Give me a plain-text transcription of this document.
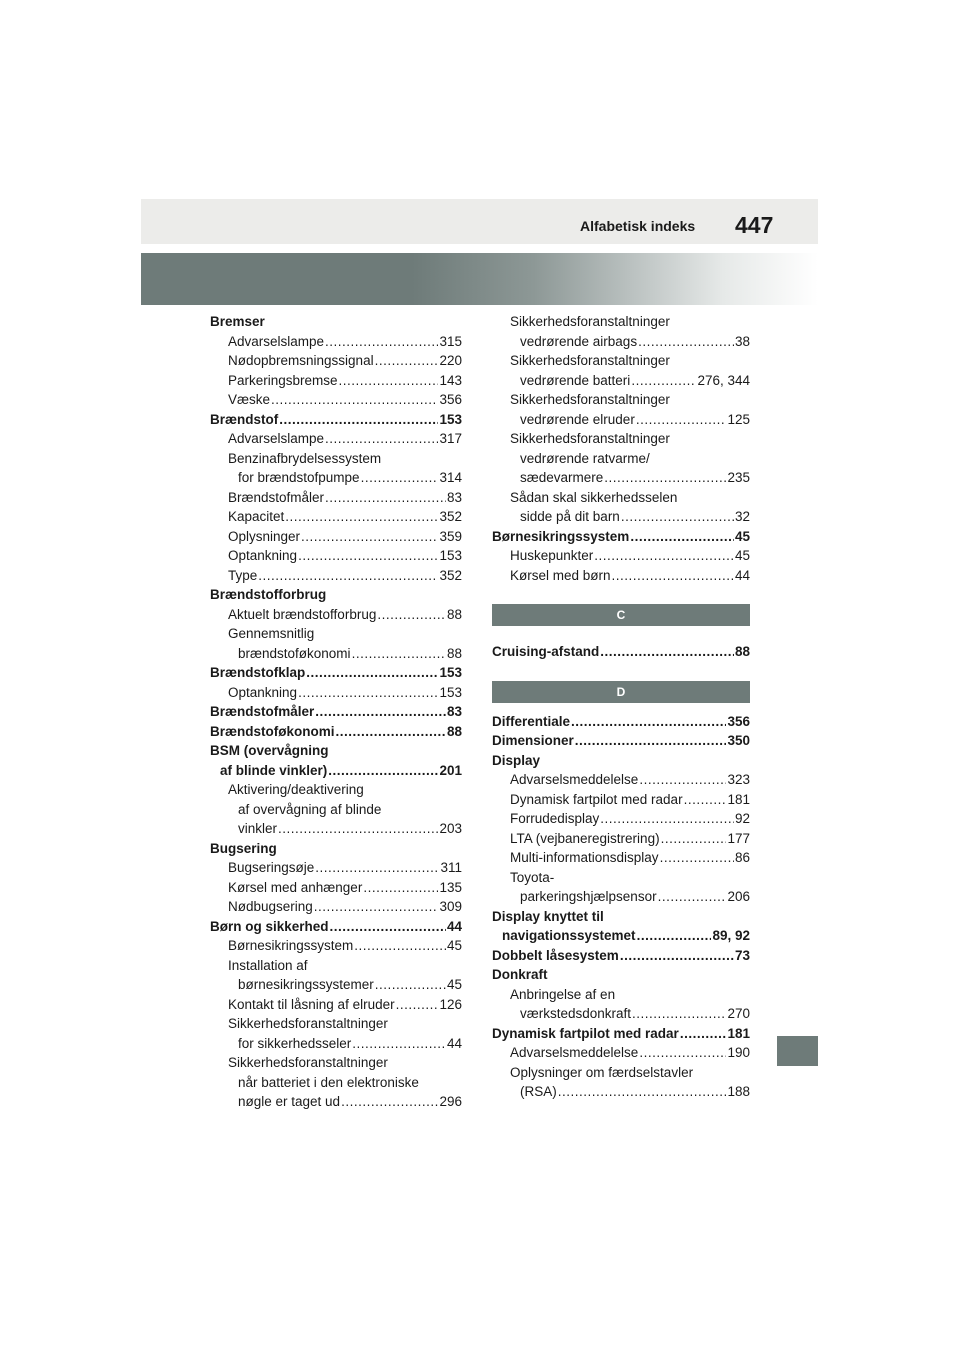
Alfabetisk indeks 447
Bremser
Advarselslampe .....	315
Nødopbremsningssignal .....	220
Parkeringsbremse .....	143
Væske .....	356
Brændstof .....	153
Advarselslampe .....	317
Benzinafbrydelsessystem
for brændstofpumpe .....	314
Brændstofmåler .....	83
Kapacitet .....	352
Oplysninger .....	359
Optankning .....	153
Type .....	352
Brændstofforbrug
Aktuelt brændstofforbrug .....	88
Gennemsnitlig
brændstoføkonomi .....	88
Brændstofklap .....	153
Optankning .....	153
Brændstofmåler .....	83
Brændstoføkonomi .....	88
BSM (overvågning
af blinde vinkler) .....	201
Aktivering/deaktivering
af overvågning af blinde
vinkler .....	203
Bugsering
Bugseringsøje .....	311
Kørsel med anhænger .....	135
Nødbugsering .....	309
Børn og sikkerhed .....	44
Børnesikringssystem .....	45
Installation af
børnesikringssystemer .....	45
Kontakt til låsning af elruder .....	126
Sikkerhedsforanstaltninger
for sikkerhedsseler .....	44
Sikkerhedsforanstaltninger
når batteriet i den elektroniske
nøgle er taget ud .....	296
Sikkerhedsforanstaltninger
vedrørende airbags .....	38
Sikkerhedsforanstaltninger
vedrørende batteri .....	276, 344
Sikkerhedsforanstaltninger
vedrørende elruder .....	125
Sikkerhedsforanstaltninger
vedrørende ratvarme/
sædevarmere .....	235
Sådan skal sikkerhedsselen
sidde på dit barn .....	32
Børnesikringssystem .....	45
Huskepunkter .....	45
Kørsel med børn .....	44
C
Cruising-afstand .....	88
D
Differentiale .....	356
Dimensioner .....	350
Display
Advarselsmeddelelse .....	323
Dynamisk fartpilot med radar .....	181
Forrudedisplay .....	92
LTA (vejbaneregistrering) .....	177
Multi-informationsdisplay .....	86
Toyota-
parkeringshjælpsensor .....	206
Display knyttet til
navigationssystemet .....	89, 92
Dobbelt låsesystem .....	73
Donkraft
Anbringelse af en
værkstedsdonkraft .....	270
Dynamisk fartpilot med radar .....	181
Advarselsmeddelelse .....	190
Oplysninger om færdselstavler
(RSA) .....	188
